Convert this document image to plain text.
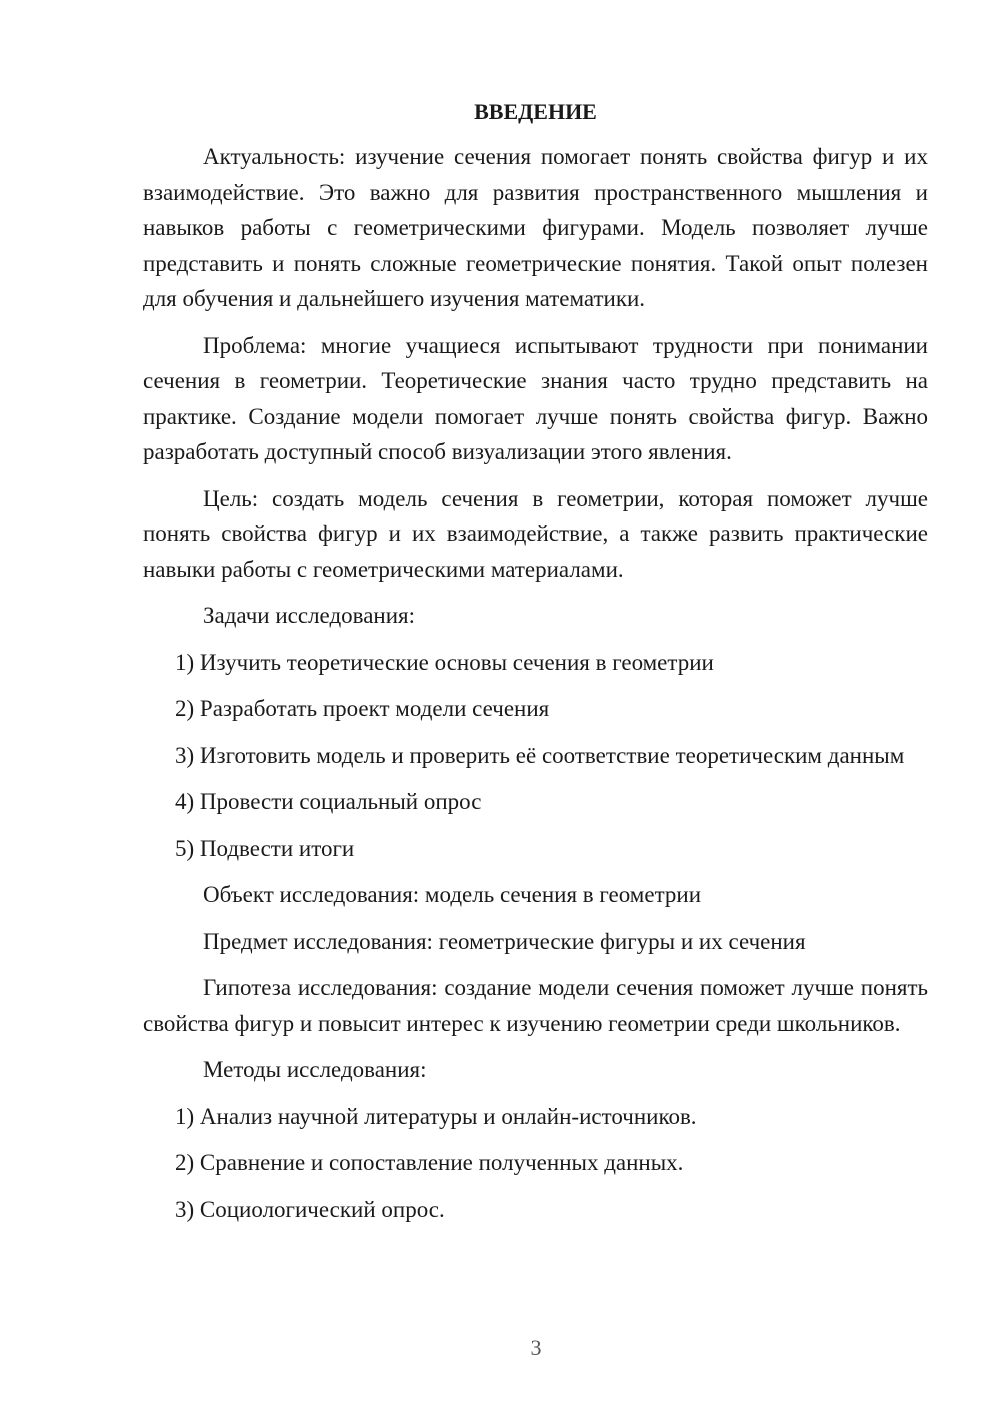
ВВЕДЕНИЕ

Актуальность: изучение сечения помогает понять свойства фигур и их взаимодействие. Это важно для развития пространственного мышления и навыков работы с геометрическими фигурами. Модель позволяет лучше представить и понять сложные геометрические понятия. Такой опыт полезен для обучения и дальнейшего изучения математики.

Проблема: многие учащиеся испытывают трудности при понимании сечения в геометрии. Теоретические знания часто трудно представить на практике. Создание модели помогает лучше понять свойства фигур. Важно разработать доступный способ визуализации этого явления.

Цель: создать модель сечения в геометрии, которая поможет лучше понять свойства фигур и их взаимодействие, а также развить практические навыки работы с геометрическими материалами.

Задачи исследования:

1) Изучить теоретические основы сечения в геометрии

2) Разработать проект модели сечения

3) Изготовить модель и проверить её соответствие теоретическим данным

4) Провести социальный опрос

5) Подвести итоги

Объект исследования: модель сечения в геометрии

Предмет исследования: геометрические фигуры и их сечения

Гипотеза исследования: создание модели сечения поможет лучше понять свойства фигур и повысит интерес к изучению геометрии среди школьников.

Методы исследования:

1) Анализ научной литературы и онлайн-источников.

2) Сравнение и сопоставление полученных данных.

3) Социологический опрос.

3
